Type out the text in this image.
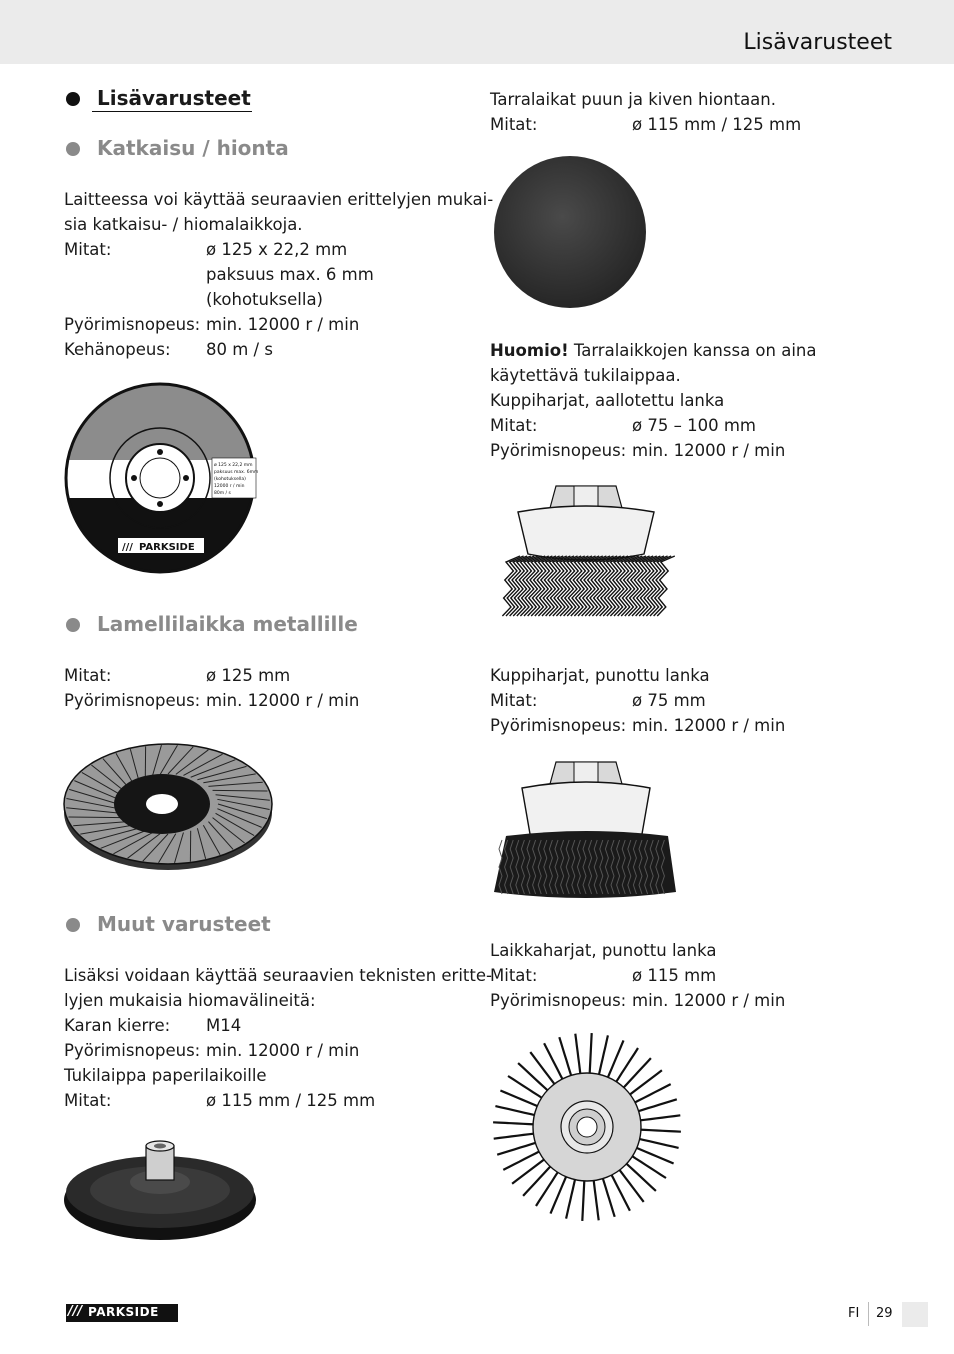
Lisävarusteet
Lisävarusteet
Katkaisu / hionta
Laitteessa voi käyttää seuraavien erittelyjen mukai-
sia katkaisu- / hiomalaikkoja.
Mitat:	ø 125 x 22,2 mm
paksuus max. 6 mm
(kohotuksella)
Pyörimisnopeus: min. 12000 r / min
Kehänopeus: 80 m / s
ø 125 x 22,2 mm
paksuus max. 6mm
(kohotuksella)
12000 r / min
80m / s
/// PARKSIDE
Lamellilaikka metallille
Mitat:	ø 125 mm
Pyörimisnopeus: min. 12000 r / min
Muut varusteet
Lisäksi voidaan käyttää seuraavien teknisten eritte-
lyjen mukaisia hiomavälineitä:
Karan kierre: M14
Pyörimisnopeus: min. 12000 r / min
Tukilaippa paperilaikoille
Mitat:	ø 115 mm / 125 mm
Tarralaikat puun ja kiven hiontaan.
Mitat:	ø 115 mm / 125 mm
Huomio! Tarralaikkojen kanssa on aina
käytettävä tukilaippaa.
Kuppiharjat, aallotettu lanka
Mitat:	ø 75 – 100 mm
Pyörimisnopeus: min. 12000 r / min
Kuppiharjat, punottu lanka
Mitat:	ø 75 mm
Pyörimisnopeus: min. 12000 r / min
Laikkaharjat, punottu lanka
Mitat:	ø 115 mm
Pyörimisnopeus: min. 12000 r / min
/// PARKSIDE	FI 29
